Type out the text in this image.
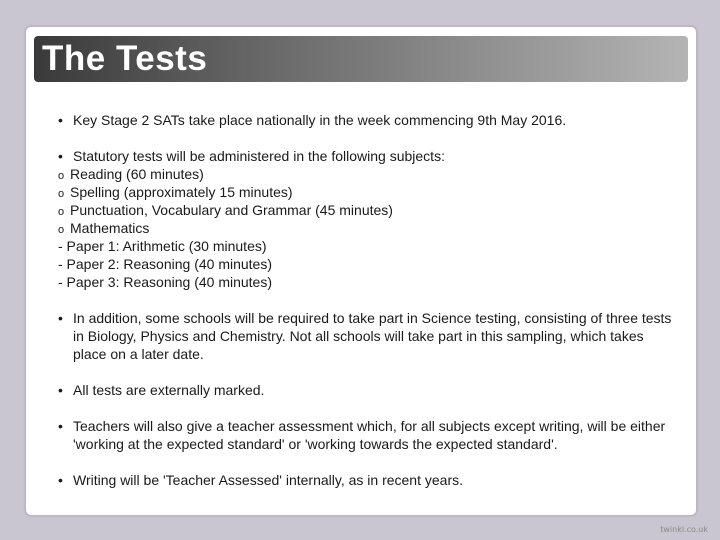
The Tests
• Key Stage 2 SATs take place nationally in the week commencing 9th May 2016.
• Statutory tests will be administered in the following subjects:
o Reading (60 minutes)
o Spelling (approximately 15 minutes)
o Punctuation, Vocabulary and Grammar (45 minutes)
o Mathematics
- Paper 1: Arithmetic (30 minutes)
- Paper 2: Reasoning (40 minutes)
- Paper 3: Reasoning (40 minutes)
• In addition, some schools will be required to take part in Science testing, consisting of three tests in Biology, Physics and Chemistry. Not all schools will take part in this sampling, which takes place on a later date.
• All tests are externally marked.
• Teachers will also give a teacher assessment which, for all subjects except writing, will be either 'working at the expected standard' or 'working towards the expected standard'.
• Writing will be 'Teacher Assessed' internally, as in recent years.
twinkl.co.uk
